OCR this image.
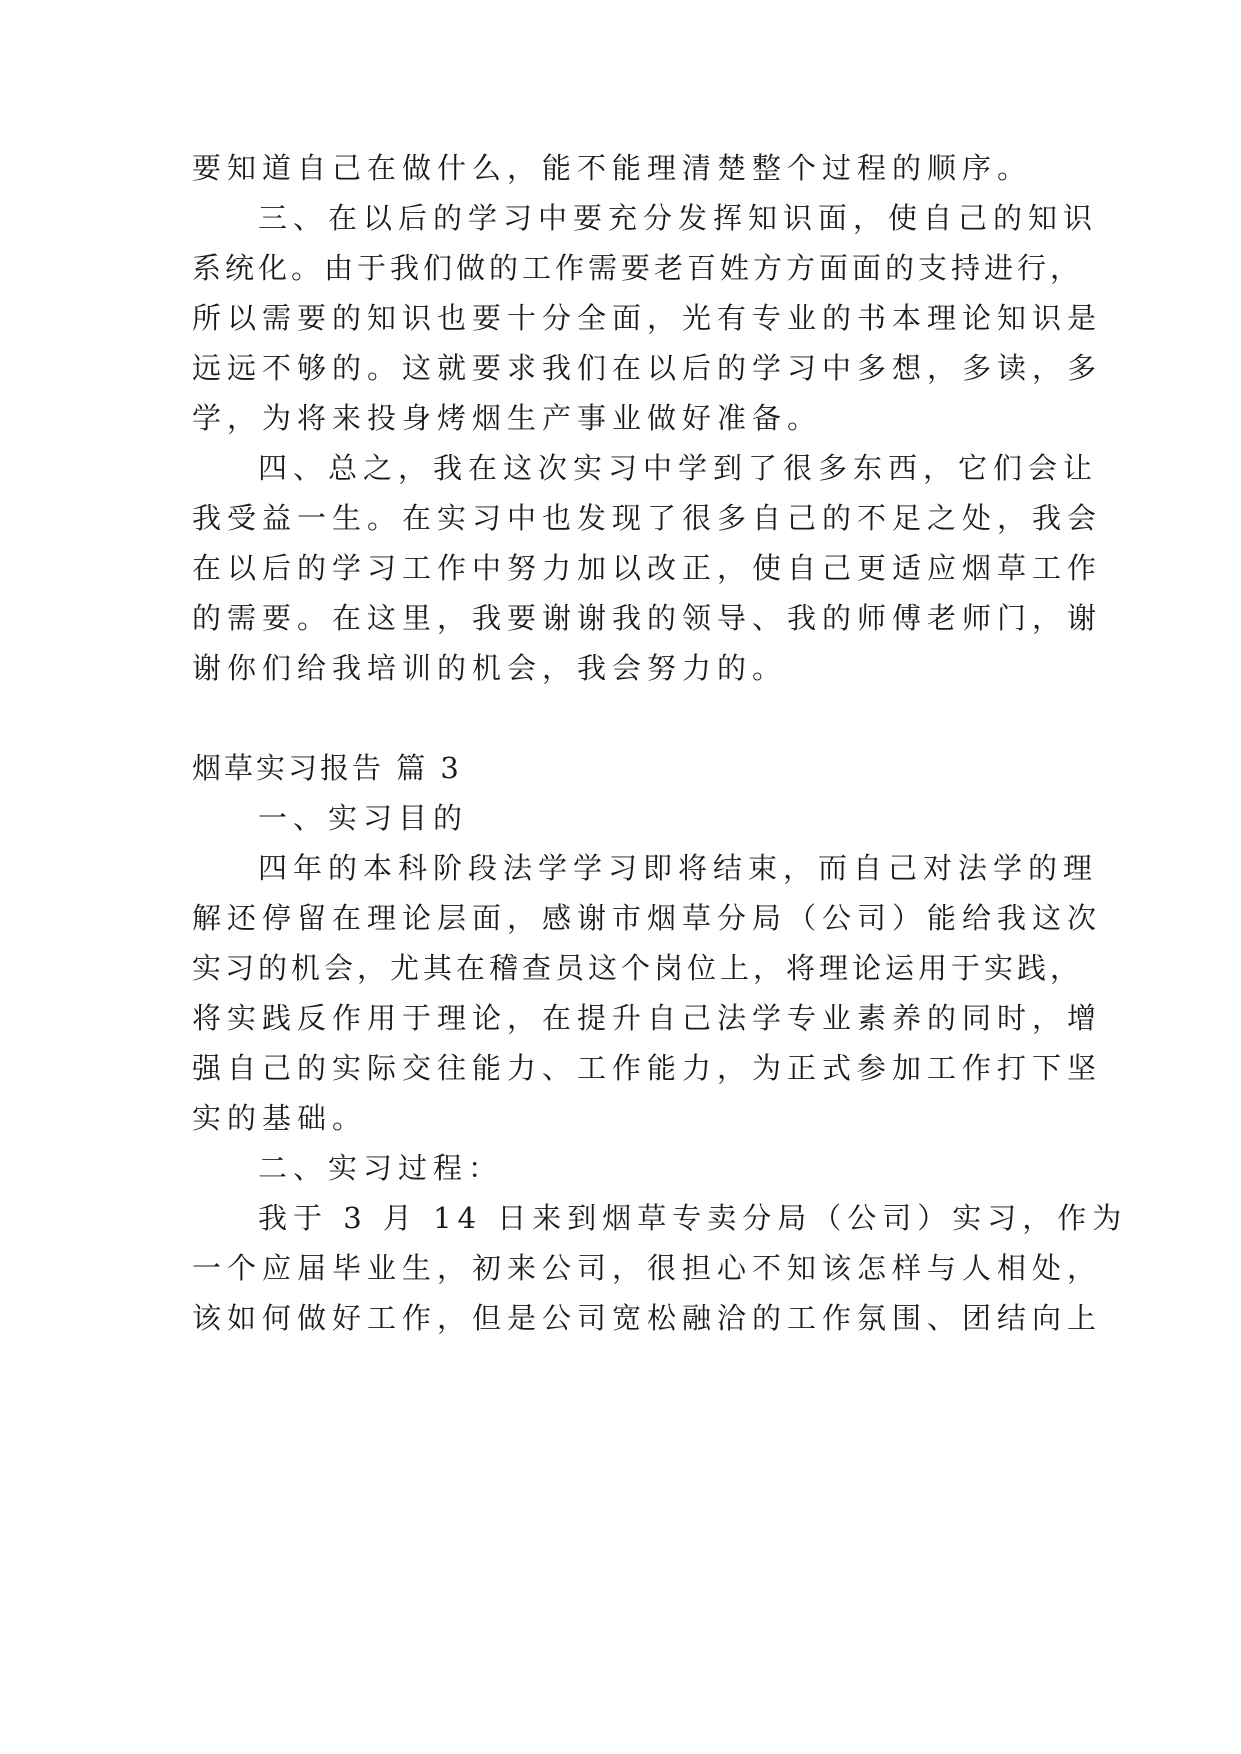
要知道自己在做什么，能不能理清楚整个过程的顺序。
三、在以后的学习中要充分发挥知识面，使自己的知识
系统化。由于我们做的工作需要老百姓方方面面的支持进行，
所以需要的知识也要十分全面，光有专业的书本理论知识是
远远不够的。这就要求我们在以后的学习中多想，多读，多
学，为将来投身烤烟生产事业做好准备。
四、总之，我在这次实习中学到了很多东西，它们会让
我受益一生。在实习中也发现了很多自己的不足之处，我会
在以后的学习工作中努力加以改正，使自己更适应烟草工作
的需要。在这里，我要谢谢我的领导、我的师傅老师门，谢
谢你们给我培训的机会，我会努力的。
烟草实习报告 篇 3
一、实习目的
四年的本科阶段法学学习即将结束，而自己对法学的理
解还停留在理论层面，感谢市烟草分局（公司）能给我这次
实习的机会，尤其在稽查员这个岗位上，将理论运用于实践，
将实践反作用于理论，在提升自己法学专业素养的同时，增
强自己的实际交往能力、工作能力，为正式参加工作打下坚
实的基础。
二、实习过程：
我于 3 月 14 日来到烟草专卖分局（公司）实习，作为
一个应届毕业生，初来公司，很担心不知该怎样与人相处，
该如何做好工作，但是公司宽松融洽的工作氛围、团结向上
